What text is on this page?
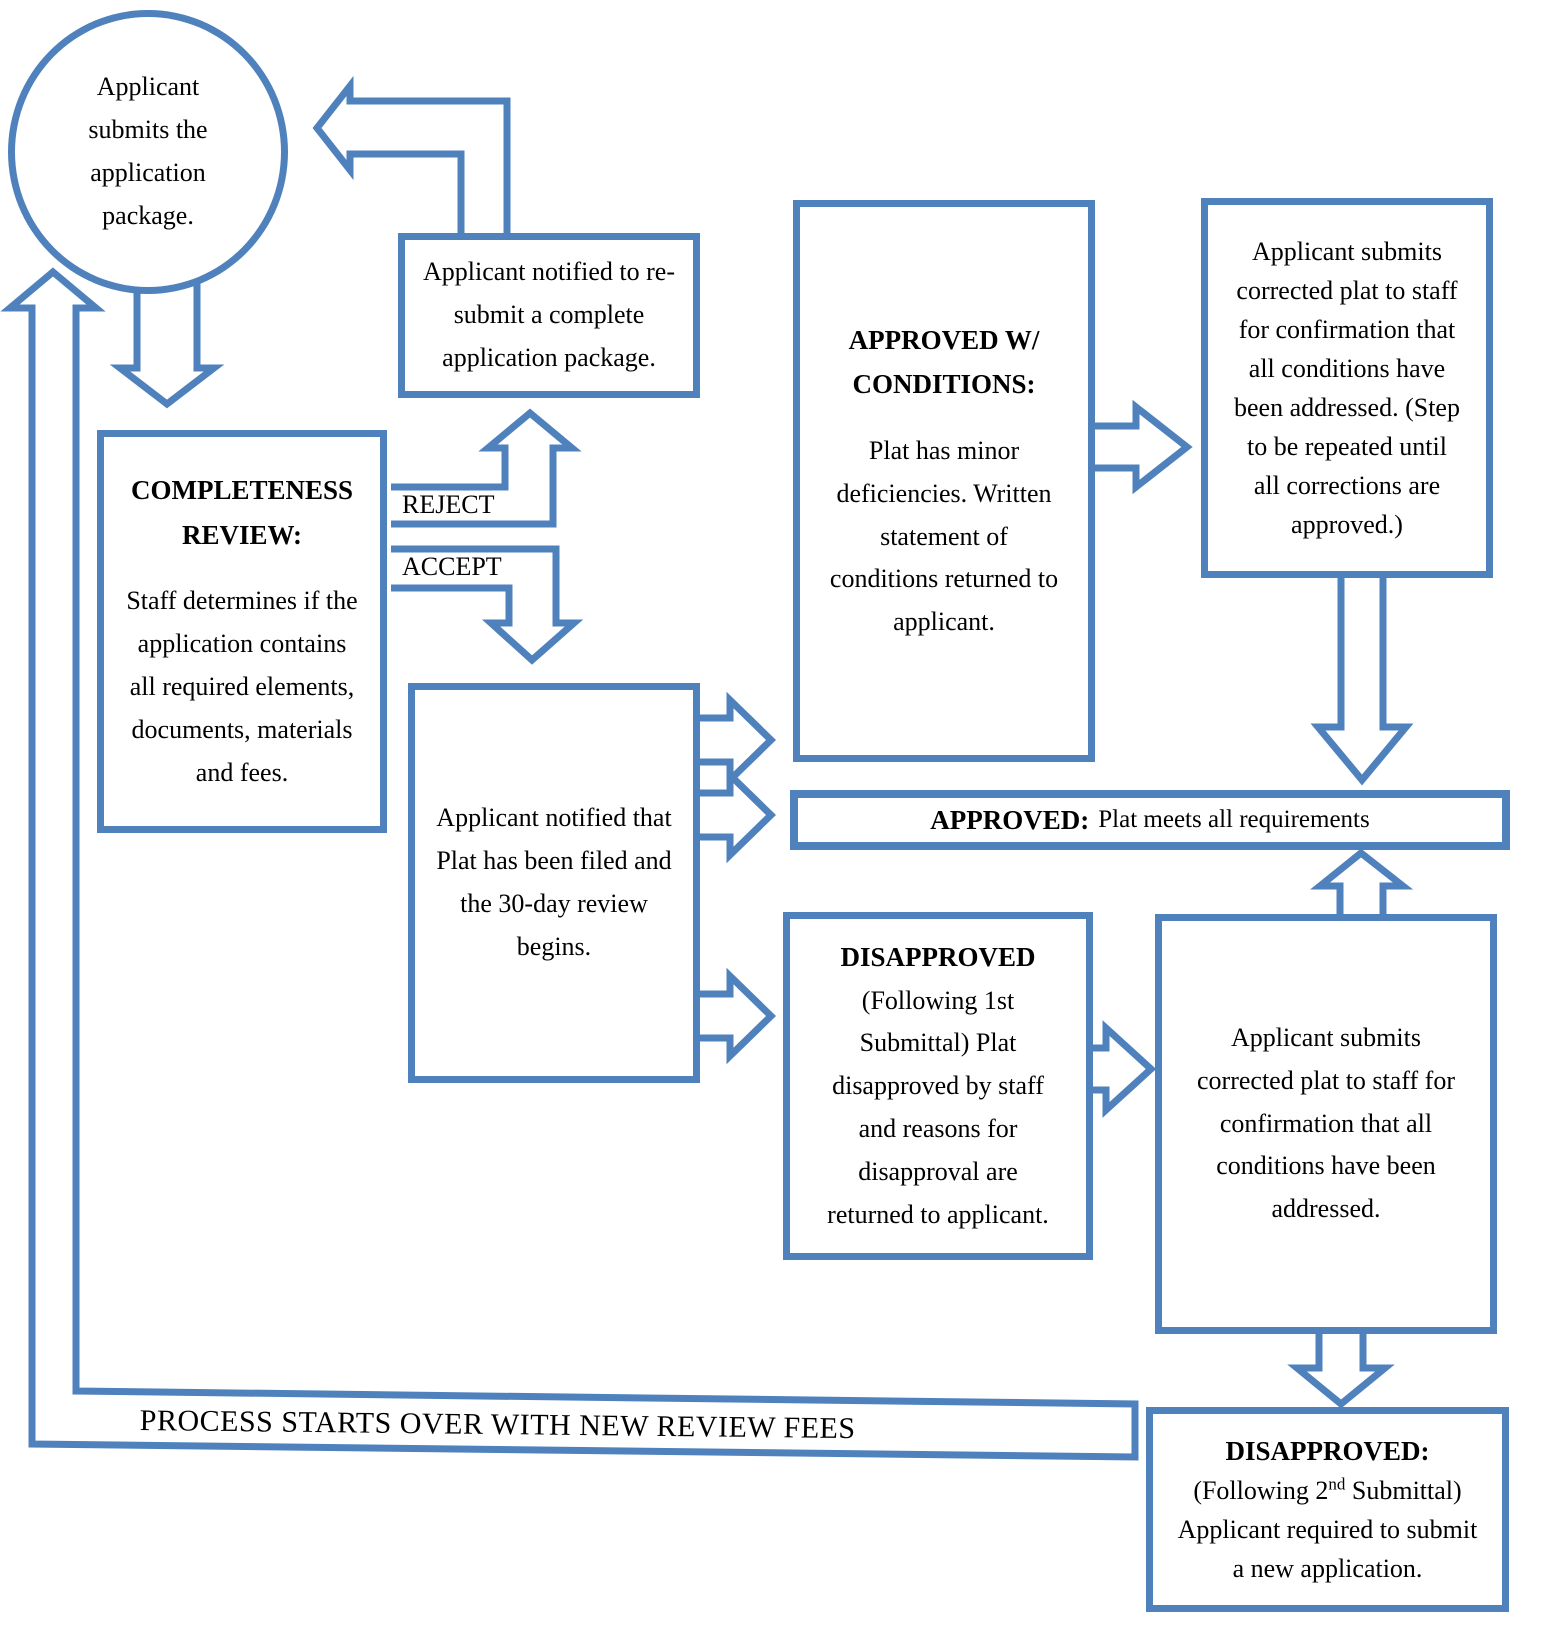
Applicant submits the application package.

Applicant notified to re-submit a complete application package.

COMPLETENESS REVIEW:

Staff determines if the application contains all required elements, documents, materials and fees.

REJECT
ACCEPT

Applicant notified that Plat has been filed and the 30-day review begins.

APPROVED W/ CONDITIONS:

Plat has minor deficiencies. Written statement of conditions returned to applicant.

Applicant submits corrected plat to staff for confirmation that all conditions have been addressed. (Step to be repeated until all corrections are approved.)

APPROVED: Plat meets all requirements

DISAPPROVED

(Following 1st Submittal) Plat disapproved by staff and reasons for disapproval are returned to applicant.

Applicant submits corrected plat to staff for confirmation that all conditions have been addressed.

PROCESS STARTS OVER WITH NEW REVIEW FEES

DISAPPROVED:

(Following 2nd Submittal) Applicant required to submit a new application.
